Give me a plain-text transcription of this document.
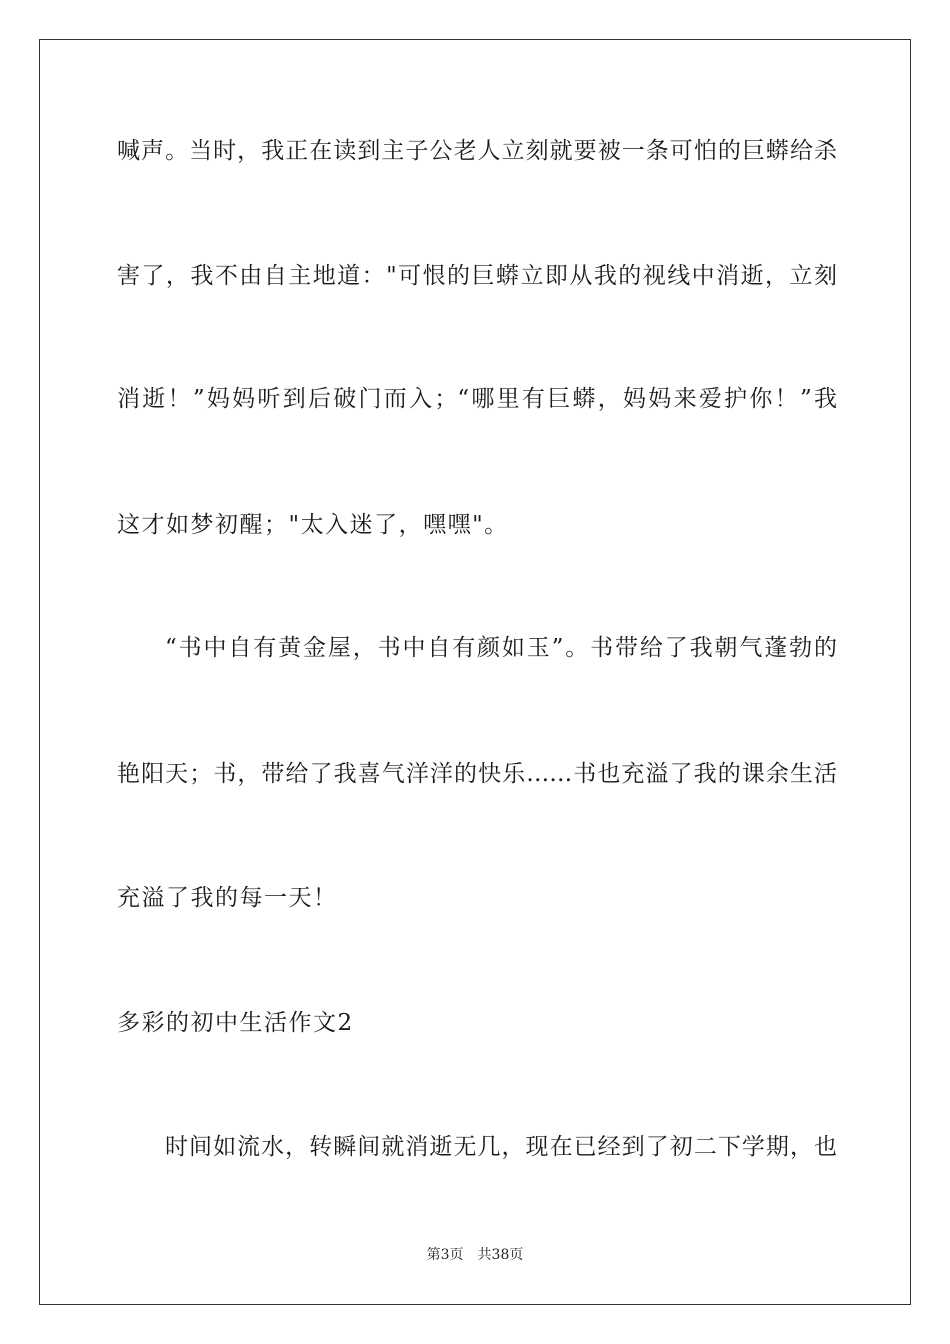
喊声。当时，我正在读到主子公老人立刻就要被一条可怕的巨蟒给杀
害了，我不由自主地道："可恨的巨蟒立即从我的视线中消逝，立刻
消逝！”妈妈听到后破门而入；“哪里有巨蟒，妈妈来爱护你！”我
这才如梦初醒；"太入迷了，嘿嘿"。
“书中自有黄金屋，书中自有颜如玉”。书带给了我朝气蓬勃的
艳阳天；书，带给了我喜气洋洋的快乐……书也充溢了我的课余生活
充溢了我的每一天！
多彩的初中生活作文2
时间如流水，转瞬间就消逝无几，现在已经到了初二下学期，也
第3页 共38页
